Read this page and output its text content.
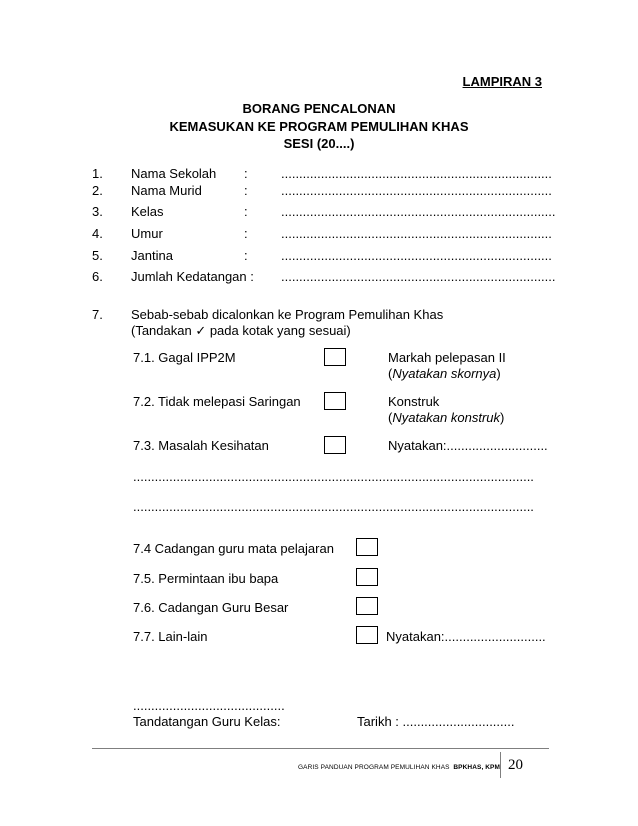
LAMPIRAN 3
BORANG PENCALONAN
KEMASUKAN KE PROGRAM PEMULIHAN KHAS
SESI (20....)
1. Nama Sekolah :	...........................................................................
2. Nama Murid	:	...........................................................................
3. Kelas	:	............................................................................
4. Umur	:	...........................................................................
5. Jantina	:	...........................................................................
6. Jumlah Kedatangan : ............................................................................
7. Sebab-sebab dicalonkan ke Program Pemulihan Khas
(Tandakan ✓ pada kotak yang sesuai)
7.1. Gagal IPP2M	Markah pelepasan II
(Nyatakan skornya)
7.2. Tidak melepasi Saringan	Konstruk
(Nyatakan konstruk)
7.3. Masalah Kesihatan	Nyatakan:............................
...............................................................................................................
...............................................................................................................
7.4 Cadangan guru mata pelajaran
7.5. Permintaan ibu bapa
7.6. Cadangan Guru Besar
7.7. Lain-lain	Nyatakan:............................
..........................................
Tandatangan Guru Kelas:	Tarikh : ...............................
GARIS PANDUAN PROGRAM PEMULIHAN KHAS BPKHAS, KPM 20
